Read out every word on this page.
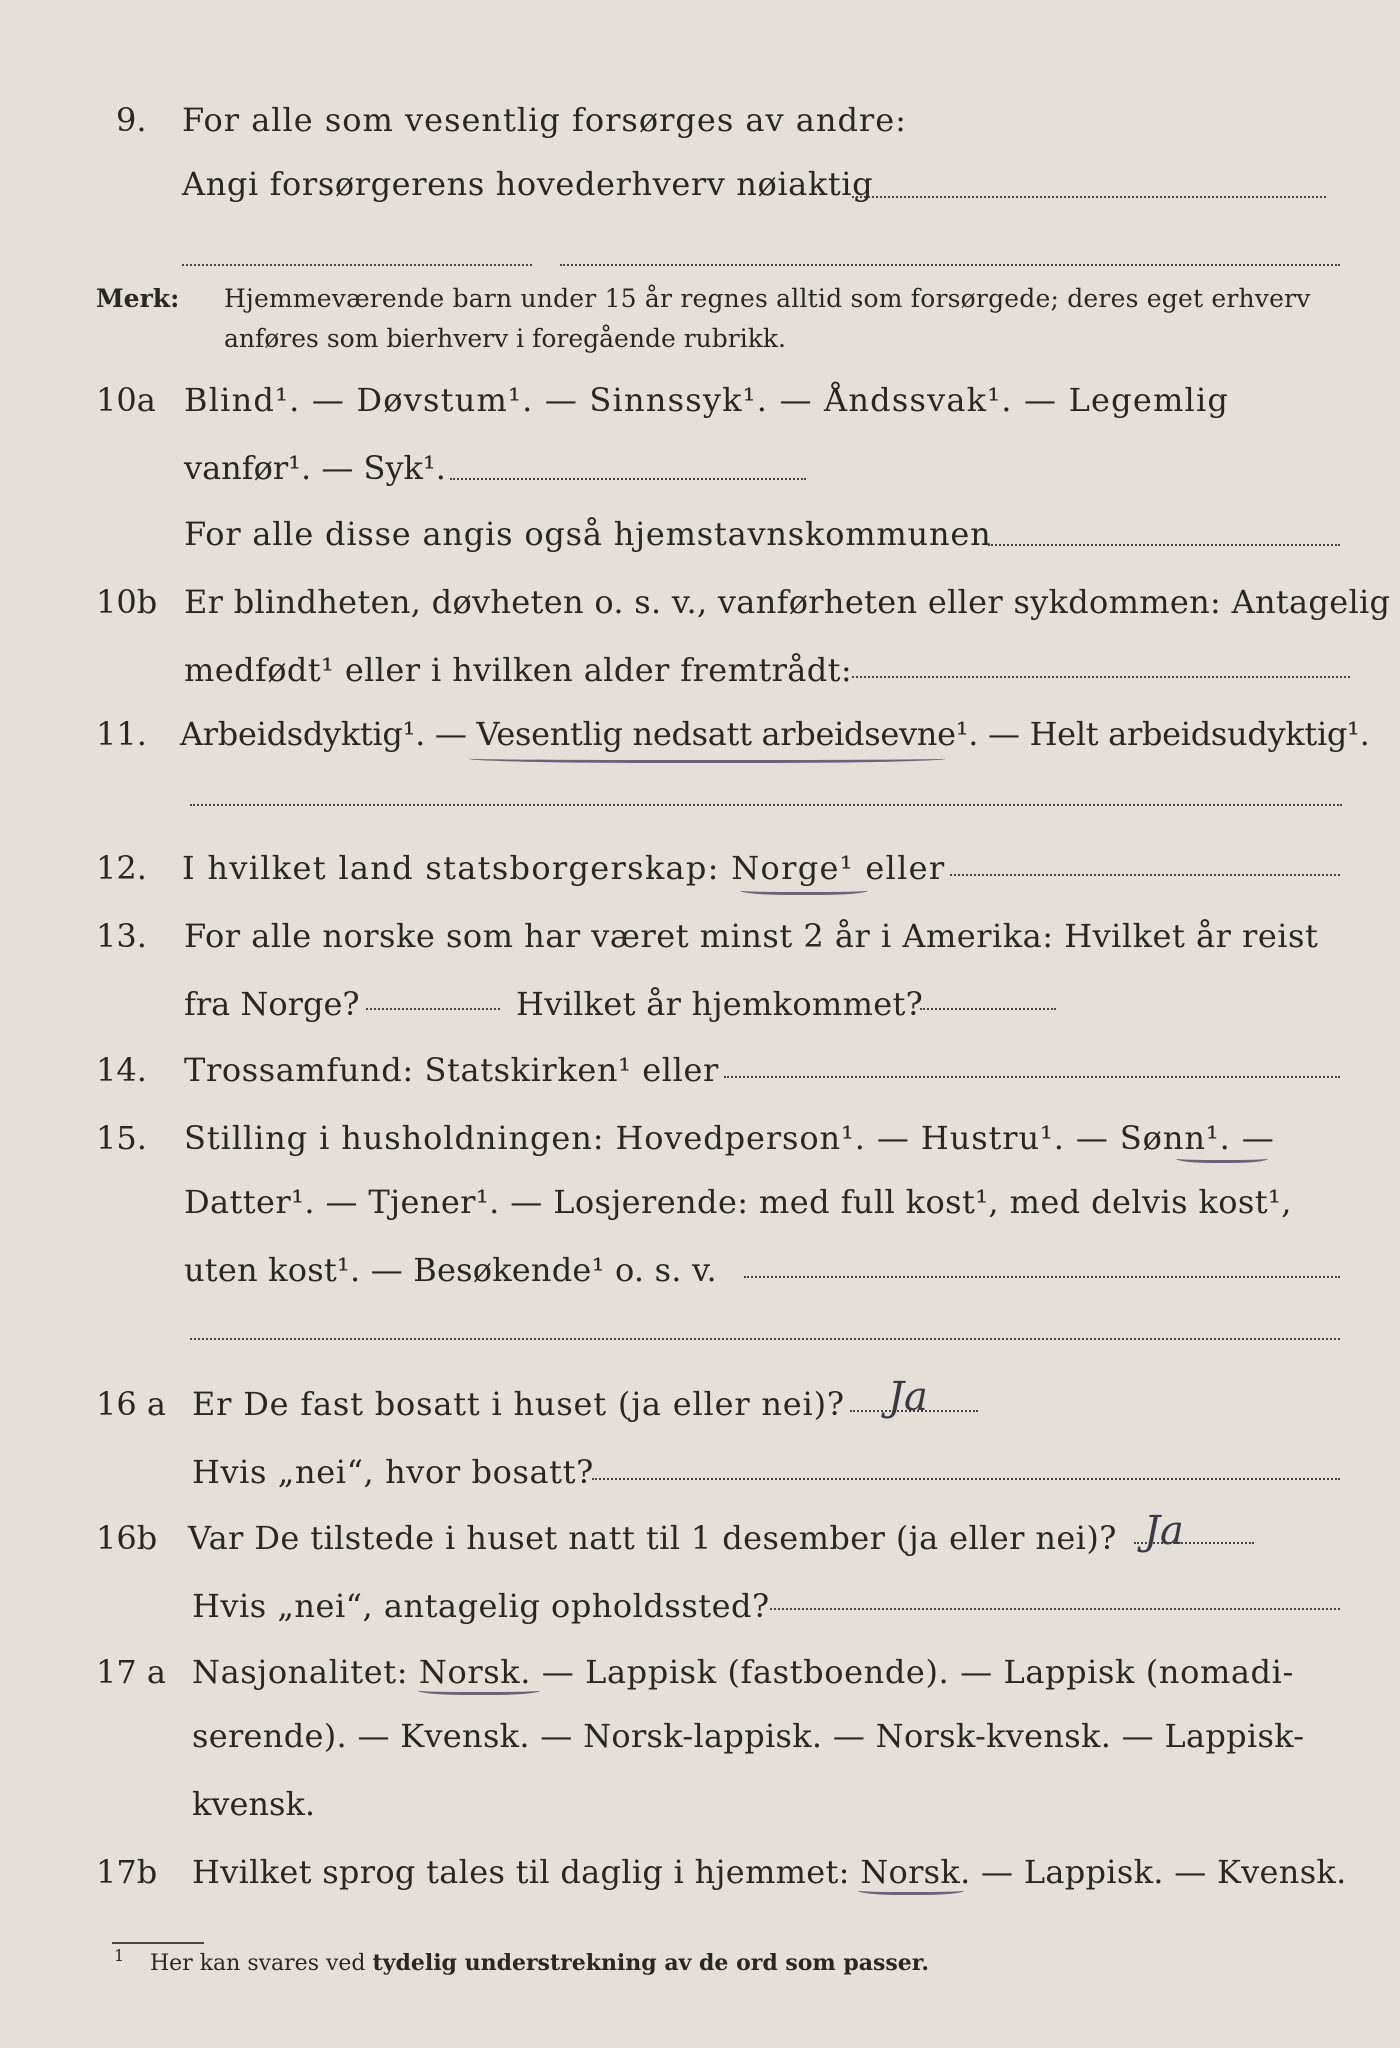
9. For alle som vesentlig forsørges av andre:
Angi forsørgerens hovederhverv nøiaktig
Merk: Hjemmeværende barn under 15 år regnes alltid som forsørgede; deres eget erhverv
anføres som bierhverv i foregående rubrikk.
10a Blind¹. — Døvstum¹. — Sinnssyk¹. — Åndssvak¹. — Legemlig
vanfør¹. — Syk¹.
For alle disse angis også hjemstavnskommunen
10b Er blindheten, døvheten o. s. v., vanførheten eller sykdommen: Antagelig
medfødt¹ eller i hvilken alder fremtrådt:
11. Arbeidsdyktig¹. — Vesentlig nedsatt arbeidsevne¹. — Helt arbeidsudyktig¹.
12. I hvilket land statsborgerskap: Norge¹ eller
13. For alle norske som har været minst 2 år i Amerika: Hvilket år reist
fra Norge?	Hvilket år hjemkommet?
14. Trossamfund: Statskirken¹ eller
15. Stilling i husholdningen: Hovedperson¹. — Hustru¹. — Sønn¹. —
Datter¹. — Tjener¹. — Losjerende: med full kost¹, med delvis kost¹,
uten kost¹. — Besøkende¹ o. s. v.
16 a Er De fast bosatt i huset (ja eller nei)? Ja
Hvis „nei“, hvor bosatt?
16b Var De tilstede i huset natt til 1 desember (ja eller nei)? Ja
Hvis „nei“, antagelig opholdssted?
17 a Nasjonalitet: Norsk. — Lappisk (fastboende). — Lappisk (nomadi-
serende). — Kvensk. — Norsk-lappisk. — Norsk-kvensk. — Lappisk-
kvensk.
17b Hvilket sprog tales til daglig i hjemmet: Norsk. — Lappisk. — Kvensk.
1 Her kan svares ved tydelig understrekning av de ord som passer.
